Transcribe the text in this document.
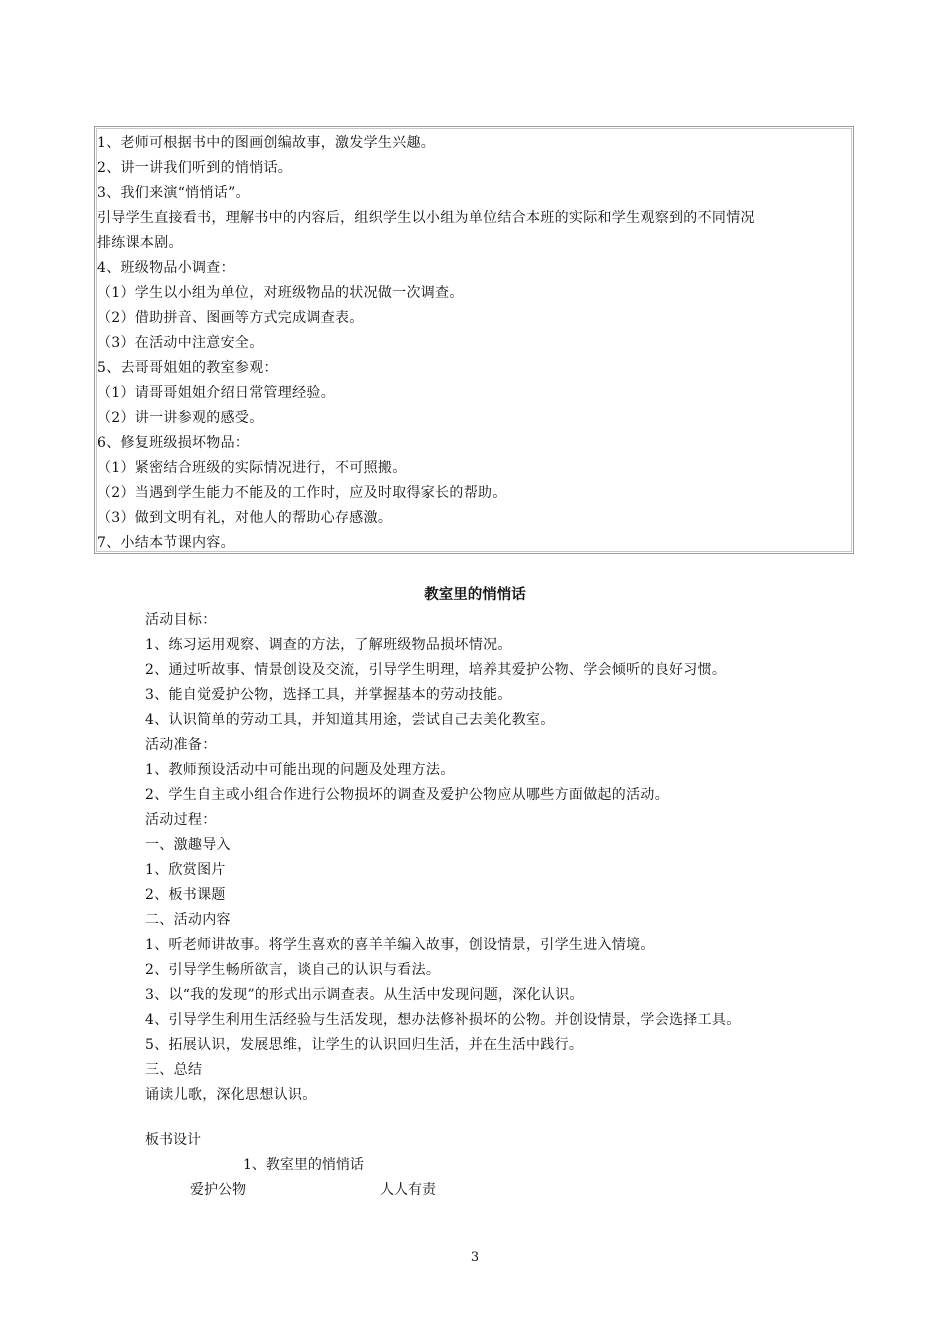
1、老师可根据书中的图画创编故事，激发学生兴趣。
2、讲一讲我们听到的悄悄话。
3、我们来演“悄悄话”。
引导学生直接看书，理解书中的内容后，组织学生以小组为单位结合本班的实际和学生观察到的不同情况
排练课本剧。
4、班级物品小调查：
（1）学生以小组为单位，对班级物品的状况做一次调查。
（2）借助拼音、图画等方式完成调查表。
（3）在活动中注意安全。
5、去哥哥姐姐的教室参观：
（1）请哥哥姐姐介绍日常管理经验。
（2）讲一讲参观的感受。
6、修复班级损坏物品：
（1）紧密结合班级的实际情况进行，不可照搬。
（2）当遇到学生能力不能及的工作时，应及时取得家长的帮助。
（3）做到文明有礼，对他人的帮助心存感激。
7、小结本节课内容。
教室里的悄悄话
活动目标：
1、练习运用观察、调查的方法，了解班级物品损坏情况。
2、通过听故事、情景创设及交流，引导学生明理，培养其爱护公物、学会倾听的良好习惯。
3、能自觉爱护公物，选择工具，并掌握基本的劳动技能。
4、认识简单的劳动工具，并知道其用途，尝试自己去美化教室。
活动准备：
1、教师预设活动中可能出现的问题及处理方法。
2、学生自主或小组合作进行公物损坏的调查及爱护公物应从哪些方面做起的活动。
活动过程：
一、激趣导入
1、欣赏图片
2、板书课题
二、活动内容
1、听老师讲故事。将学生喜欢的喜羊羊编入故事，创设情景，引学生进入情境。
2、引导学生畅所欲言，谈自己的认识与看法。
3、以“我的发现”的形式出示调查表。从生活中发现问题，深化认识。
4、引导学生利用生活经验与生活发现，想办法修补损坏的公物。并创设情景，学会选择工具。
5、拓展认识，发展思维，让学生的认识回归生活，并在生活中践行。
三、总结
诵读儿歌，深化思想认识。
板书设计
1、教室里的悄悄话
爱护公物	人人有责
3
